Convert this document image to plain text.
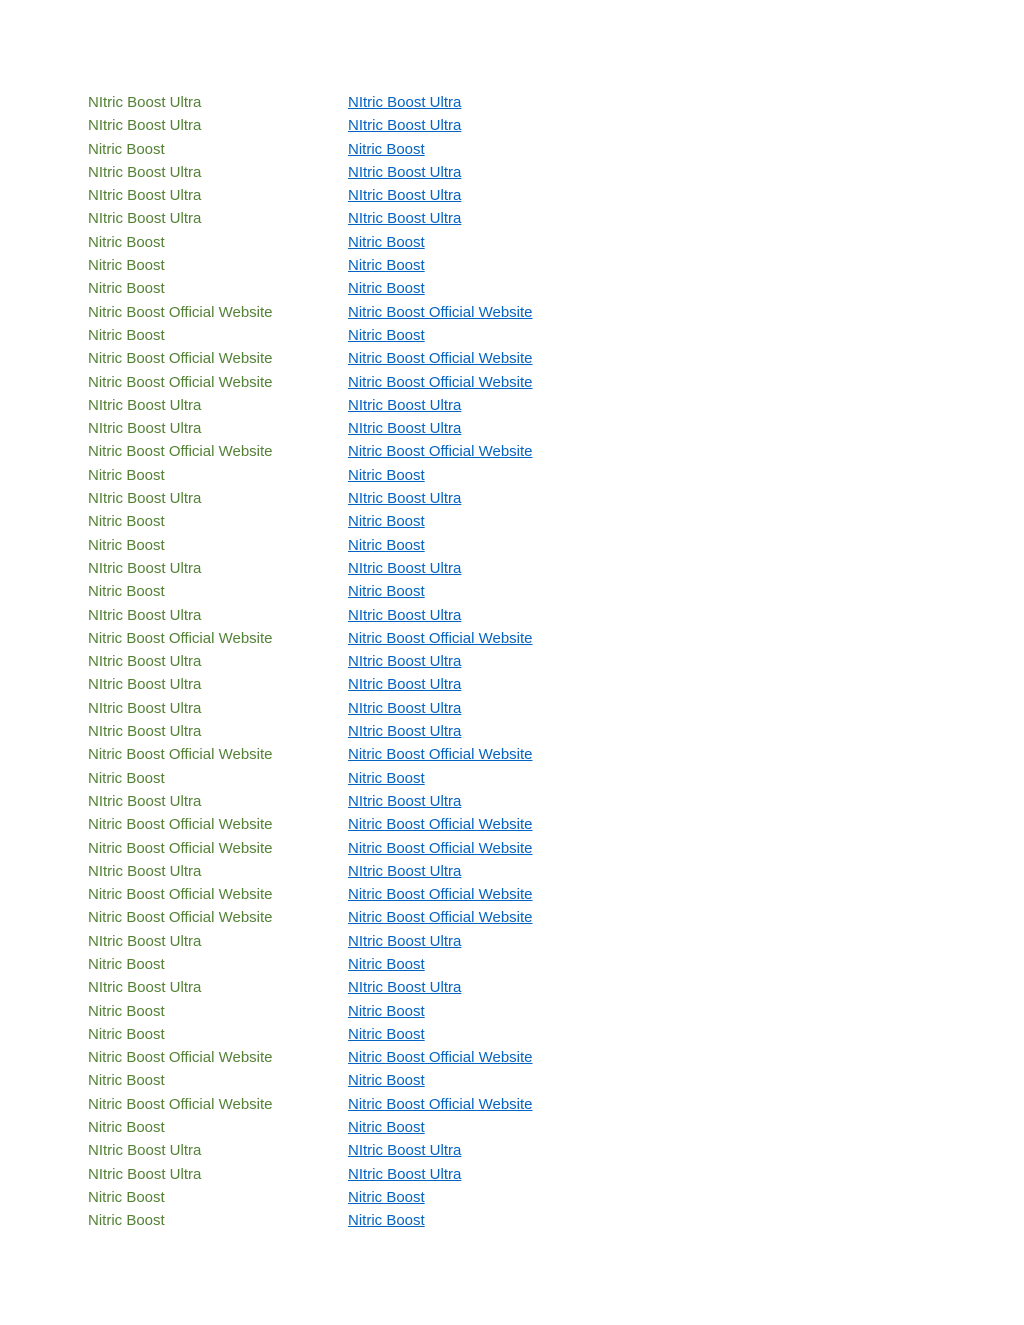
NItric Boost Ultra	NItric Boost Ultra
NItric Boost Ultra	NItric Boost Ultra
Nitric Boost	Nitric Boost
NItric Boost Ultra	NItric Boost Ultra
NItric Boost Ultra	NItric Boost Ultra
NItric Boost Ultra	NItric Boost Ultra
Nitric Boost	Nitric Boost
Nitric Boost	Nitric Boost
Nitric Boost	Nitric Boost
Nitric Boost Official Website	Nitric Boost Official Website
Nitric Boost	Nitric Boost
Nitric Boost Official Website	Nitric Boost Official Website
Nitric Boost Official Website	Nitric Boost Official Website
NItric Boost Ultra	NItric Boost Ultra
NItric Boost Ultra	NItric Boost Ultra
Nitric Boost Official Website	Nitric Boost Official Website
Nitric Boost	Nitric Boost
NItric Boost Ultra	NItric Boost Ultra
Nitric Boost	Nitric Boost
Nitric Boost	Nitric Boost
NItric Boost Ultra	NItric Boost Ultra
Nitric Boost	Nitric Boost
NItric Boost Ultra	NItric Boost Ultra
Nitric Boost Official Website	Nitric Boost Official Website
NItric Boost Ultra	NItric Boost Ultra
NItric Boost Ultra	NItric Boost Ultra
NItric Boost Ultra	NItric Boost Ultra
NItric Boost Ultra	NItric Boost Ultra
Nitric Boost Official Website	Nitric Boost Official Website
Nitric Boost	Nitric Boost
NItric Boost Ultra	NItric Boost Ultra
Nitric Boost Official Website	Nitric Boost Official Website
Nitric Boost Official Website	Nitric Boost Official Website
NItric Boost Ultra	NItric Boost Ultra
Nitric Boost Official Website	Nitric Boost Official Website
Nitric Boost Official Website	Nitric Boost Official Website
NItric Boost Ultra	NItric Boost Ultra
Nitric Boost	Nitric Boost
NItric Boost Ultra	NItric Boost Ultra
Nitric Boost	Nitric Boost
Nitric Boost	Nitric Boost
Nitric Boost Official Website	Nitric Boost Official Website
Nitric Boost	Nitric Boost
Nitric Boost Official Website	Nitric Boost Official Website
Nitric Boost	Nitric Boost
NItric Boost Ultra	NItric Boost Ultra
NItric Boost Ultra	NItric Boost Ultra
Nitric Boost	Nitric Boost
Nitric Boost	Nitric Boost
